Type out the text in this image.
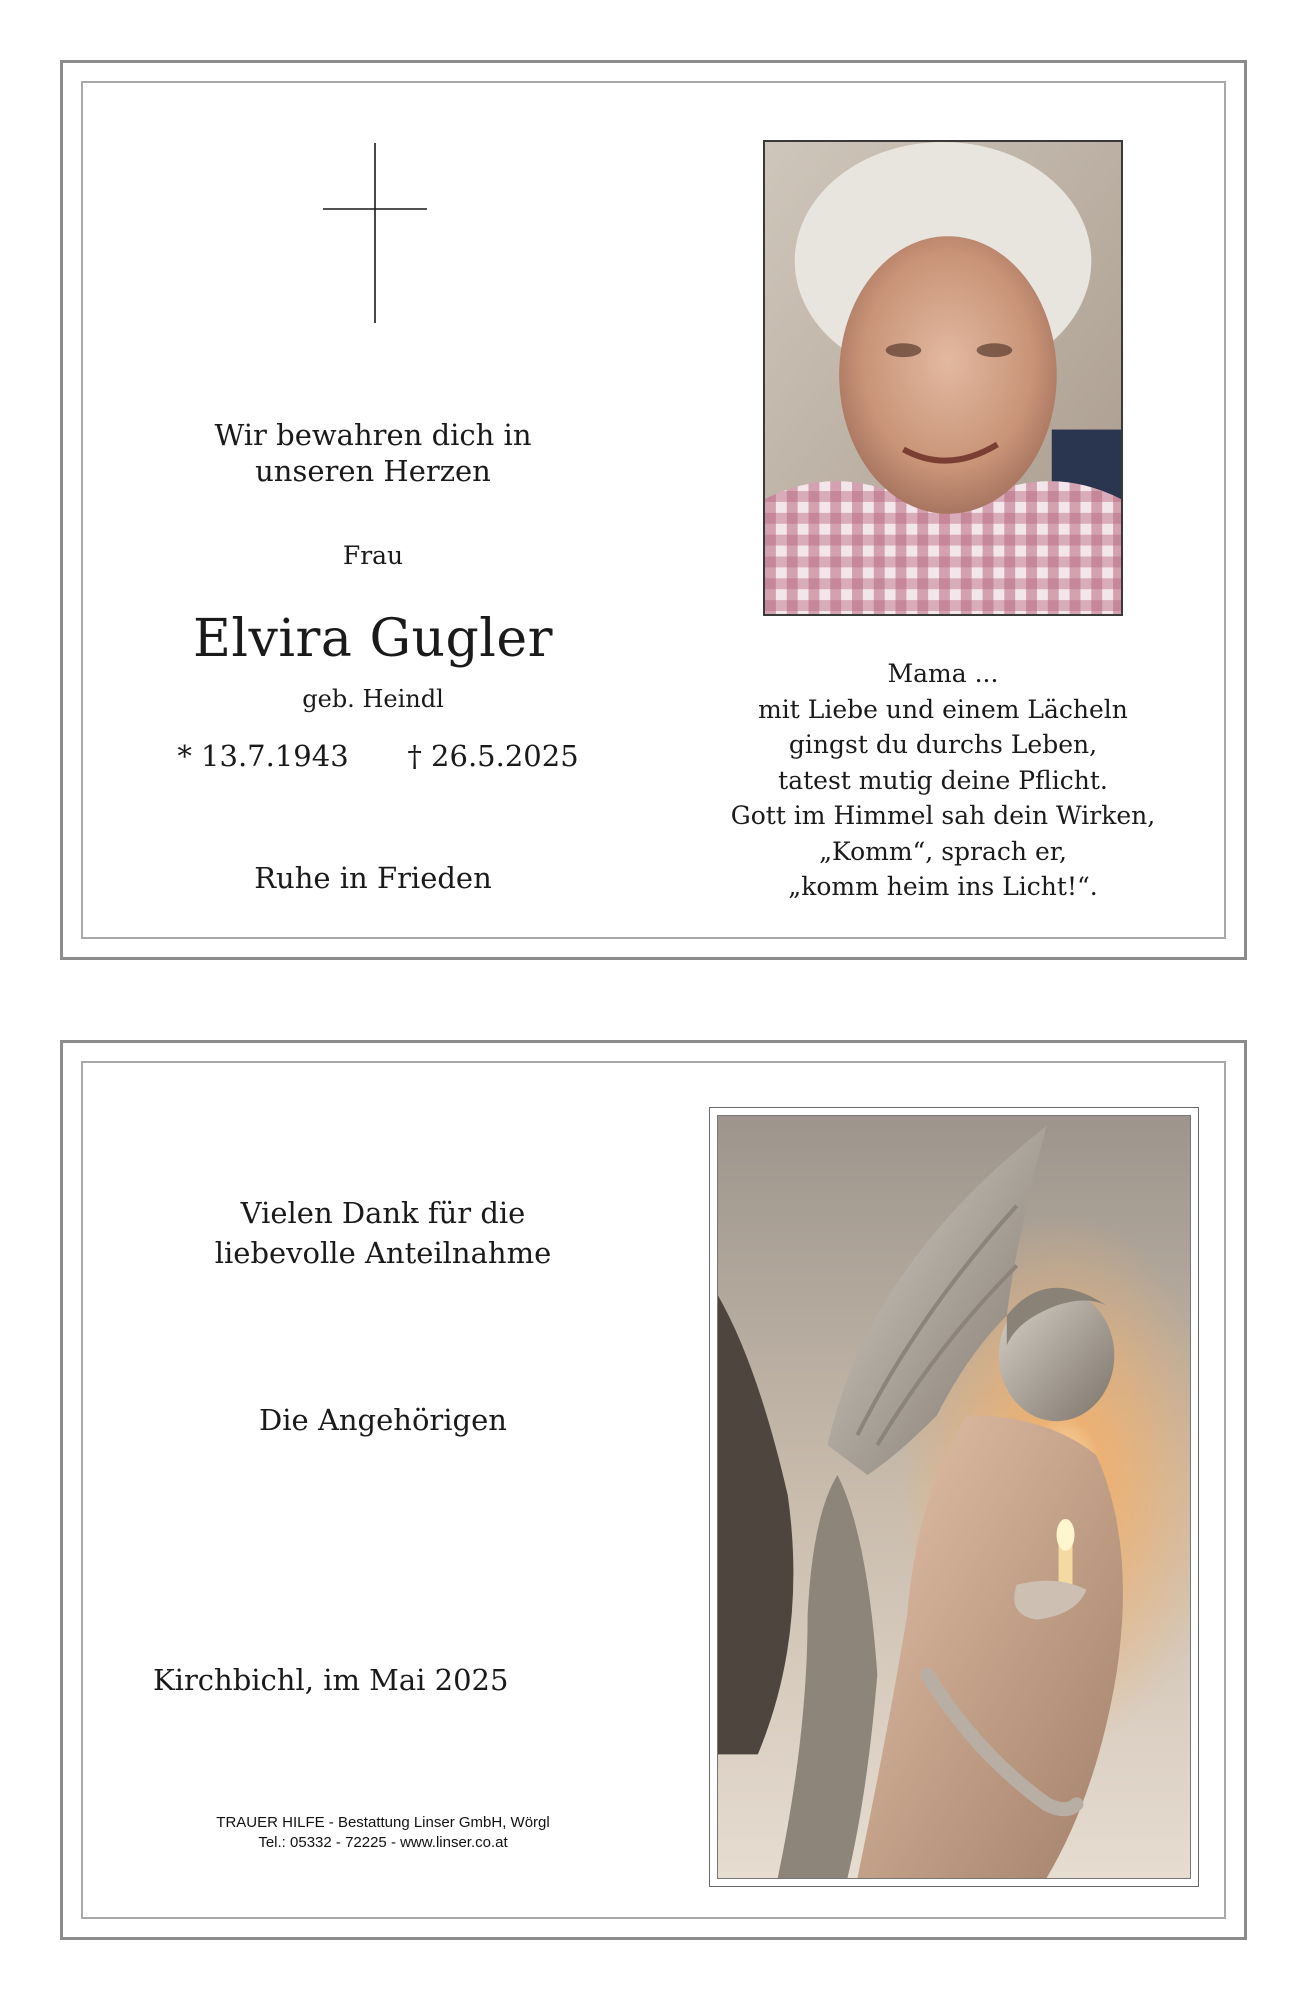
Wir bewahren dich in
unseren Herzen
Frau
Elvira Gugler
geb. Heindl
* 13.7.1943	† 26.5.2025
Ruhe in Frieden
Mama ...
mit Liebe und einem Lächeln
gingst du durchs Leben,
tatest mutig deine Pflicht.
Gott im Himmel sah dein Wirken,
„Komm“, sprach er,
„komm heim ins Licht!“.
Vielen Dank für die
liebevolle Anteilnahme
Die Angehörigen
Kirchbichl, im Mai 2025
TRAUER HILFE - Bestattung Linser GmbH, Wörgl
Tel.: 05332 - 72225 - www.linser.co.at
